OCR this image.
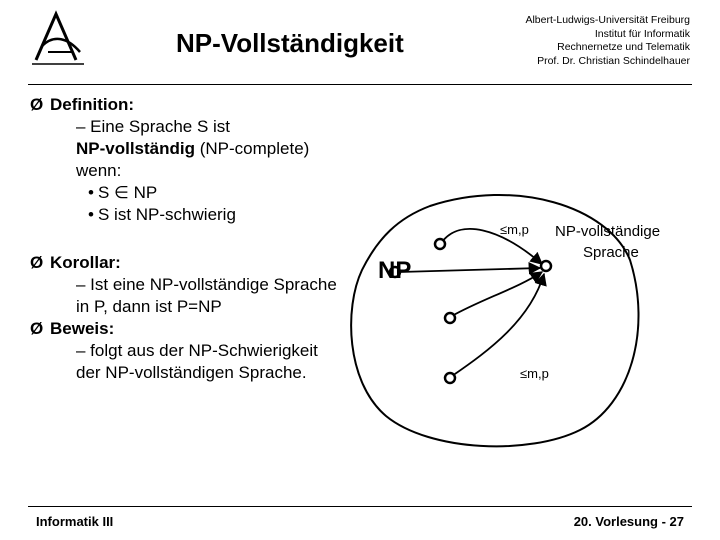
NP-Vollständigkeit
Albert-Ludwigs-Universität Freiburg
Institut für Informatik
Rechnernetze und Telematik
Prof. Dr. Christian Schindelhauer
Ø Definition:
– Eine Sprache S ist
NP-vollständig (NP-complete)
wenn:
• S ∈ NP
• S ist NP-schwierig
Ø Korollar:
– Ist eine NP-vollständige Sprache
in P, dann ist P=NP
Ø Beweis:
– folgt aus der NP-Schwierigkeit
der NP-vollständigen Sprache.
NP
NP-vollständige
Sprache
≤m,p
≤m,p
Informatik III	20. Vorlesung - 27
